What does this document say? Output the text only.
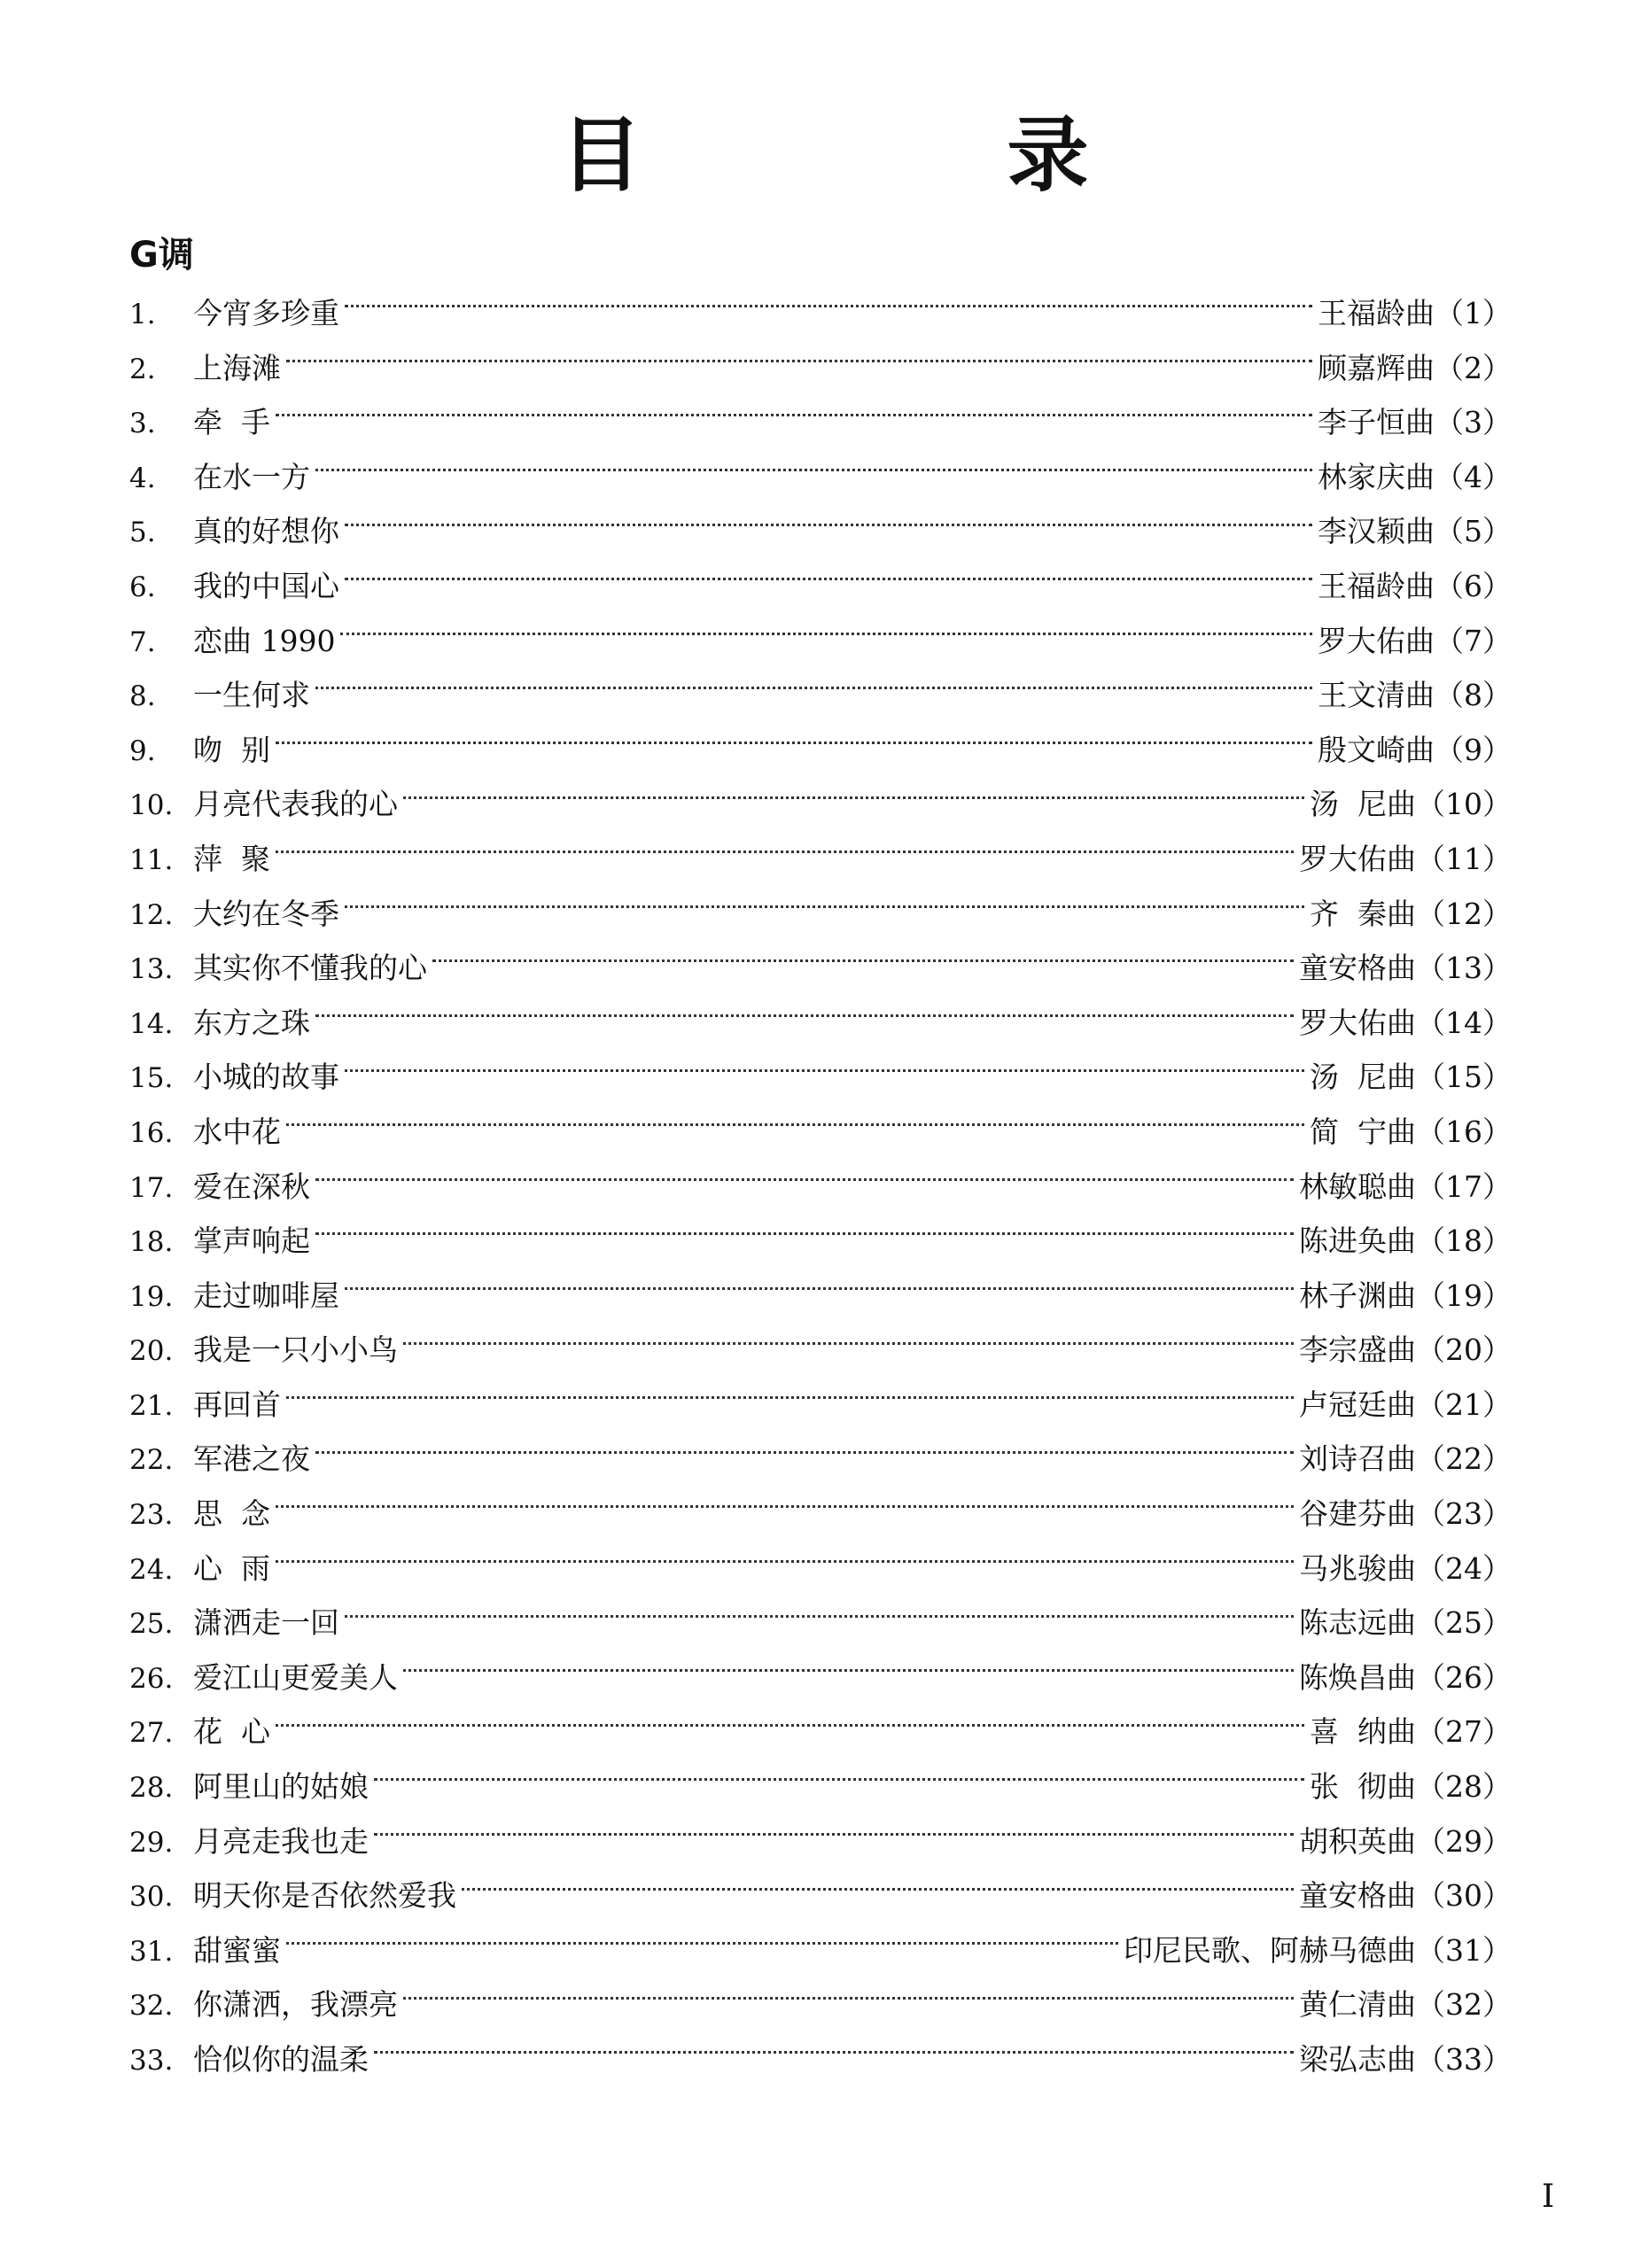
目 录
G调
1.	今宵多珍重	王福龄曲 （1）
2.	上海滩	顾嘉辉曲 （2）
3.	牵  手	李子恒曲 （3）
4.	在水一方	林家庆曲 （4）
5.	真的好想你	李汉颖曲 （5）
6.	我的中国心	王福龄曲 （6）
7.	恋曲 1990	罗大佑曲 （7）
8.	一生何求	王文清曲 （8）
9.	吻  别	殷文崎曲 （9）
10. 月亮代表我的心	汤  尼曲 （10）
11. 萍  聚	罗大佑曲 （11）
12. 大约在冬季	齐  秦曲 （12）
13. 其实你不懂我的心	童安格曲 （13）
14. 东方之珠	罗大佑曲 （14）
15. 小城的故事	汤  尼曲 （15）
16. 水中花	简  宁曲 （16）
17. 爱在深秋	林敏聪曲 （17）
18. 掌声响起	陈进奂曲 （18）
19. 走过咖啡屋	林子渊曲 （19）
20. 我是一只小小鸟	李宗盛曲 （20）
21. 再回首	卢冠廷曲 （21）
22. 军港之夜	刘诗召曲 （22）
23. 思  念	谷建芬曲 （23）
24. 心  雨	马兆骏曲 （24）
25. 潇洒走一回	陈志远曲 （25）
26. 爱江山更爱美人	陈焕昌曲 （26）
27. 花  心	喜  纳曲 （27）
28. 阿里山的姑娘	张  彻曲 （28）
29. 月亮走我也走	胡积英曲 （29）
30. 明天你是否依然爱我	童安格曲 （30）
31. 甜蜜蜜	印尼民歌、阿赫马德曲 （31）
32. 你潇洒，我漂亮	黄仁清曲 （32）
33. 恰似你的温柔	梁弘志曲 （33）
I
